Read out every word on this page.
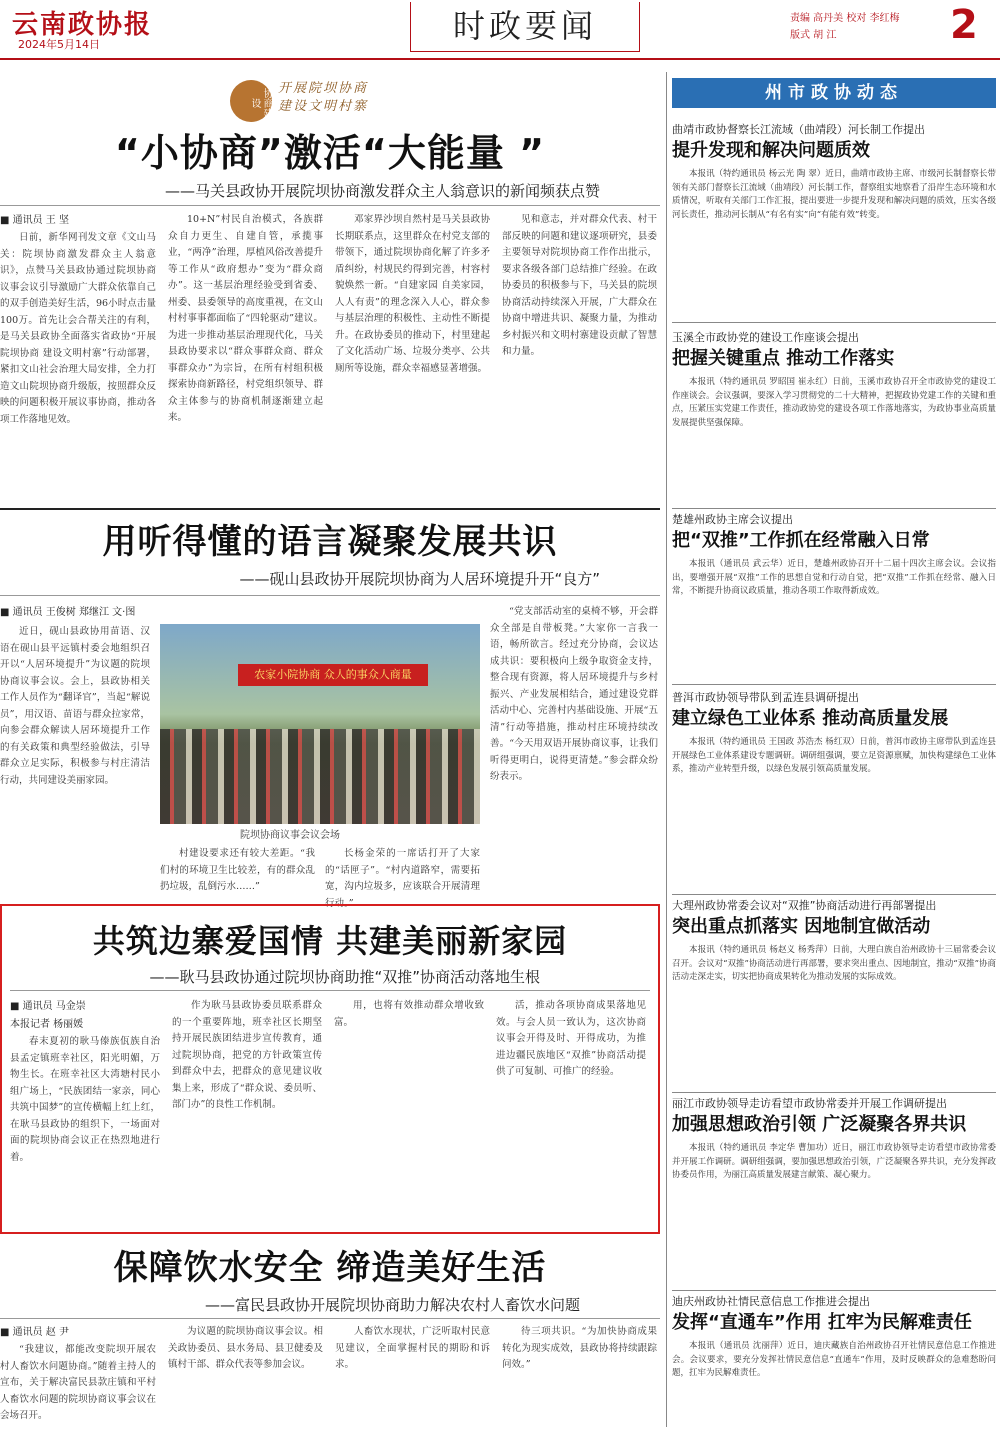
云南政协报
2024年5月14日	时政要闻	责编 高丹美 校对 李红梅
版式 胡 江	2
协商建设
开展院坝协商
建设文明村寨
“小协商”激活“大能量 ”
——马关县政协开展院坝协商激发群众主人翁意识的新闻频获点赞
■ 通讯员 王 坚

日前，新华网刊发文章《文山马关：院坝协商激发群众主人翁意识》，点赞马关县政协通过院坝协商议事会议引导激励广大群众依靠自己的双手创造美好生活，96小时点击量100万。首先让会合帮关注的有利，是马关县政协全面落实省政协“开展院坝协商 建设文明村寨”行动部署，紧扣文山社会治理大局安排，全力打造文山院坝协商升级版，按照群众反映的问题积极开展议事协商，推动各项工作落地见效。

10+N”村民自治模式，各族群众自力更生、自建自管，承揽事业，“两净”治理，厚植风俗改善提升等工作从“政府想办”变为“群众商办”。这一基层治理经验受到省委、州委、县委领导的高度重视，在文山村村事事都面临了“四轮驱动”建议。为进一步推动基层治理现代化，马关县政协要求以“群众事群众商、群众事群众办”为宗旨，在所有村组积极探索协商新路径，村党组织领导、群众主体参与的协商机制逐渐建立起来。

邓家界沙坝自然村是马关县政协长期联系点，这里群众在村党支部的带领下，通过院坝协商化解了许多矛盾纠纷，村规民约得到完善，村容村貌焕然一新。“自建家园 自美家园，人人有责”的理念深入人心，群众参与基层治理的积极性、主动性不断提升。在政协委员的推动下，村里建起了文化活动广场、垃圾分类亭、公共厕所等设施，群众幸福感显著增强。

见和意志，并对群众代表、村干部反映的问题和建议逐项研究，县委主要领导对院坝协商工作作出批示，要求各级各部门总结推广经验。在政协委员的积极参与下，马关县的院坝协商活动持续深入开展，广大群众在协商中增进共识、凝聚力量，为推动乡村振兴和文明村寨建设贡献了智慧和力量。

用听得懂的语言凝聚发展共识
——砚山县政协开展院坝协商为人居环境提升开“良方”
■ 通讯员 王俊树 郑继江 文·图

近日，砚山县政协用苗语、汉语在砚山县平远镇村委会地组织召开以“人居环境提升”为议题的院坝协商议事会议。会上，县政协相关工作人员作为“翻译官”，当起“解说员”，用汉语、苗语与群众拉家常，向参会群众解读人居环境提升工作的有关政策和典型经验做法，引导群众立足实际，积极参与村庄清洁行动，共同建设美丽家园。

农家小院协商 众人的事众人商量
院坝协商议事会议会场

村建设要求还有较大差距。“我们村的环境卫生比较差，有的群众乱扔垃圾，乱倒污水……”

长杨金荣的一席话打开了大家的“话匣子”。“村内道路窄，需要拓宽，沟内垃圾多，应该联合开展清理行动。”

“党支部活动室的桌椅不够，开会群众全部是自带板凳。”大家你一言我一语，畅所欲言。经过充分协商，会议达成共识：要积极向上级争取资金支持，整合现有资源，将人居环境提升与乡村振兴、产业发展相结合，通过建设党群活动中心、完善村内基础设施、开展“五清”行动等措施，推动村庄环境持续改善。“今天用双语开展协商议事，让我们听得更明白，说得更清楚。”参会群众纷纷表示。

共筑边寨爱国情 共建美丽新家园
——耿马县政协通过院坝协商助推“双推”协商活动落地生根
■ 通讯员 马金崇
本报记者 杨丽媛

春末夏初的耿马傣族佤族自治县孟定镇班幸社区，阳光明媚，万物生长。在班幸社区大湾塘村民小组广场上，“民族团结一家亲，同心共筑中国梦”的宣传横幅上红上红，在耿马县政协的组织下，一场面对面的院坝协商会议正在热烈地进行着。

作为耿马县政协委员联系群众的一个重要阵地，班幸社区长期坚持开展民族团结进步宣传教育，通过院坝协商，把党的方针政策宣传到群众中去，把群众的意见建议收集上来，形成了“群众说、委员听、部门办”的良性工作机制。

用，也将有效推动群众增收致富。

活，推动各项协商成果落地见效。与会人员一致认为，这次协商议事会开得及时、开得成功，为推进边疆民族地区“双推”协商活动提供了可复制、可推广的经验。

保障饮水安全 缔造美好生活
——富民县政协开展院坝协商助力解决农村人畜饮水问题
■ 通讯员 赵 尹

“我建议，都能改变院坝开展农村人畜饮水问题协商。”随着主持人的宣布，关于解决富民县款庄镇和平村人畜饮水问题的院坝协商议事会议在会场召开。

为议题的院坝协商议事会议。相关政协委员、县水务局、县卫健委及镇村干部、群众代表等参加会议。

人畜饮水现状，广泛听取村民意见建议，全面掌握村民的期盼和诉求。

待三项共识。“为加快协商成果转化为现实成效，县政协将持续跟踪问效。”

州市政协动态
曲靖市政协督察长江流域（曲靖段）河长制工作提出
提升发现和解决问题质效

本报讯（特约通讯员 杨云光 陶 翠）近日，曲靖市政协主席、市级河长制督察长带领有关部门督察长江流域（曲靖段）河长制工作，督察组实地察看了沿岸生态环境和水质情况，听取有关部门工作汇报，提出要进一步提升发现和解决问题的质效，压实各级河长责任，推动河长制从“有名有实”向“有能有效”转变。

玉溪全市政协党的建设工作座谈会提出
把握关键重点 推动工作落实

本报讯（特约通讯员 罗昭国 崔永红）日前，玉溪市政协召开全市政协党的建设工作座谈会。会议强调，要深入学习贯彻党的二十大精神，把握政协党建工作的关键和重点，压紧压实党建工作责任，推动政协党的建设各项工作落地落实，为政协事业高质量发展提供坚强保障。

楚雄州政协主席会议提出
把“双推”工作抓在经常融入日常

本报讯（通讯员 武云华）近日，楚雄州政协召开十二届十四次主席会议。会议指出，要增强开展“双推”工作的思想自觉和行动自觉，把“双推”工作抓在经常、融入日常，不断提升协商议政质量，推动各项工作取得新成效。

普洱市政协领导带队到孟连县调研提出
建立绿色工业体系 推动高质量发展

本报讯（特约通讯员 王国政 苏浩杰 杨红双）日前，普洱市政协主席带队到孟连县开展绿色工业体系建设专题调研。调研组强调，要立足资源禀赋，加快构建绿色工业体系，推动产业转型升级，以绿色发展引领高质量发展。

大理州政协常委会议对“双推”协商活动进行再部署提出
突出重点抓落实 因地制宜做活动

本报讯（特约通讯员 杨赵义 杨秀萍）日前，大理白族自治州政协十三届常委会议召开。会议对“双推”协商活动进行再部署，要求突出重点、因地制宜，推动“双推”协商活动走深走实，切实把协商成果转化为推动发展的实际成效。

丽江市政协领导走访看望市政协常委并开展工作调研提出
加强思想政治引领 广泛凝聚各界共识

本报讯（特约通讯员 李定华 曹加功）近日，丽江市政协领导走访看望市政协常委并开展工作调研。调研组强调，要加强思想政治引领，广泛凝聚各界共识，充分发挥政协委员作用，为丽江高质量发展建言献策、凝心聚力。

迪庆州政协社情民意信息工作推进会提出
发挥“直通车”作用 扛牢为民解难责任

本报讯（通讯员 沈丽萍）近日，迪庆藏族自治州政协召开社情民意信息工作推进会。会议要求，要充分发挥社情民意信息“直通车”作用，及时反映群众的急难愁盼问题，扛牢为民解难责任。
